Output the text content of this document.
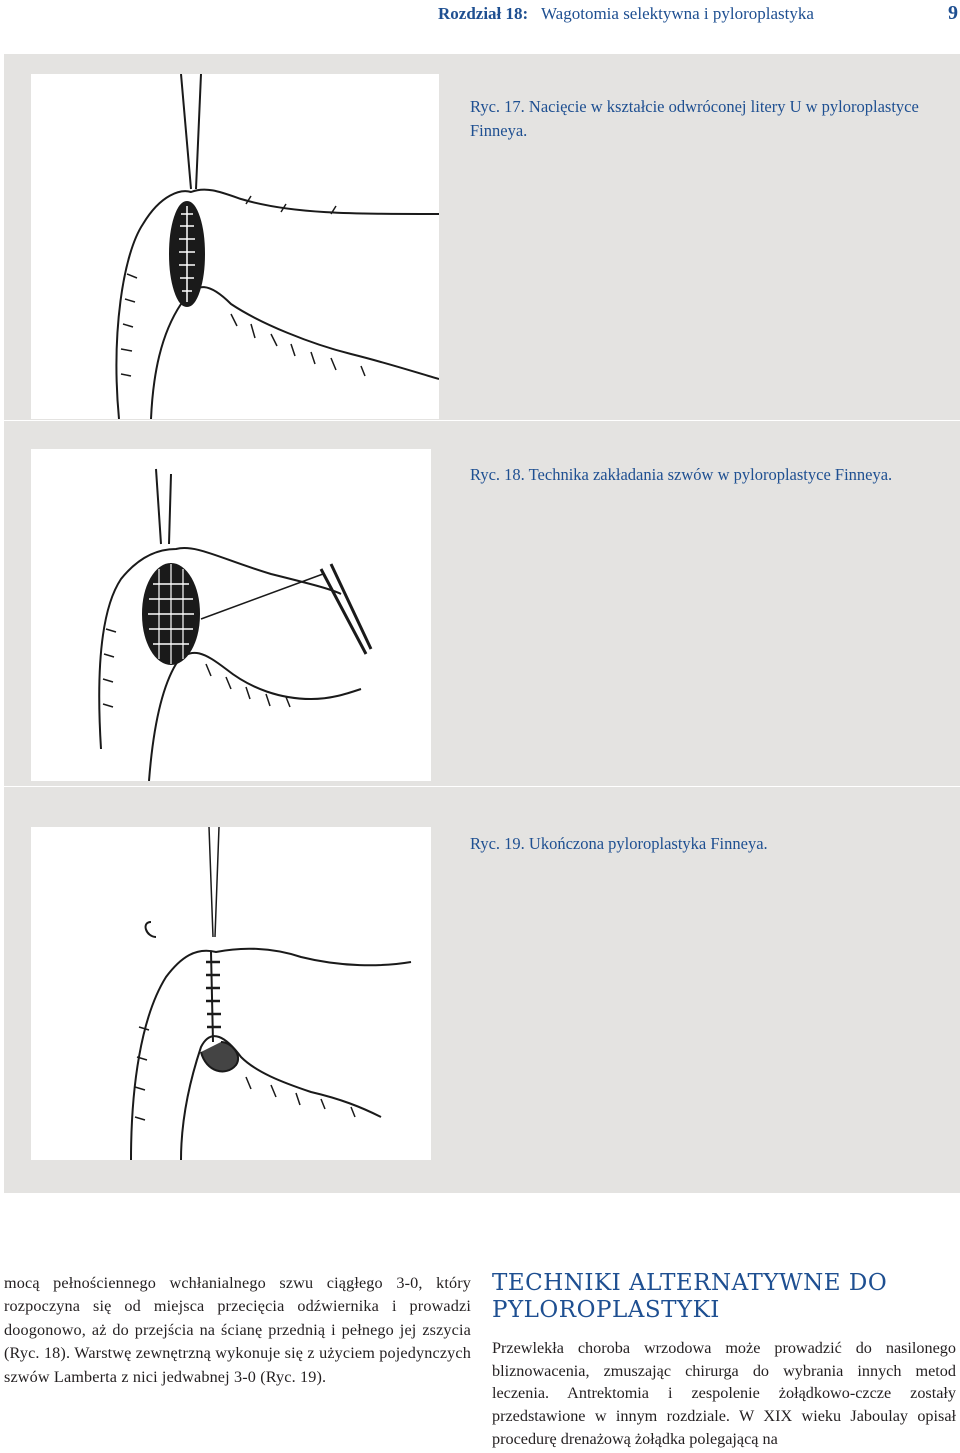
Rozdział 18: Wagotomia selektywna i pyloroplastyka	9
Ryc. 17. Nacięcie w kształcie odwróconej litery U w pyloroplastyce Finneya.
Ryc. 18. Technika zakładania szwów w pyloroplastyce Finneya.
Ryc. 19. Ukończona pyloroplastyka Finneya.

mocą pełnościennego wchłanialnego szwu ciągłego 3-0, który rozpoczyna się od miejsca przecięcia odźwiernika i prowadzi doogonowo, aż do przejścia na ścianę przednią i pełnego jej zszycia (Ryc. 18). Warstwę zewnętrzną wykonuje się z użyciem pojedynczych szwów Lamberta z nici jedwabnej 3-0 (Ryc. 19).

TECHNIKI ALTERNATYWNE DO PYLOROPLASTYKI

Przewlekła choroba wrzodowa może prowadzić do nasilonego bliznowacenia, zmuszając chirurga do wybrania innych metod leczenia. Antrektomia i zespolenie żołądkowo-czcze zostały przedstawione w innym rozdziale. W XIX wieku Jaboulay opisał procedurę drenażową żołądka polegającą na
